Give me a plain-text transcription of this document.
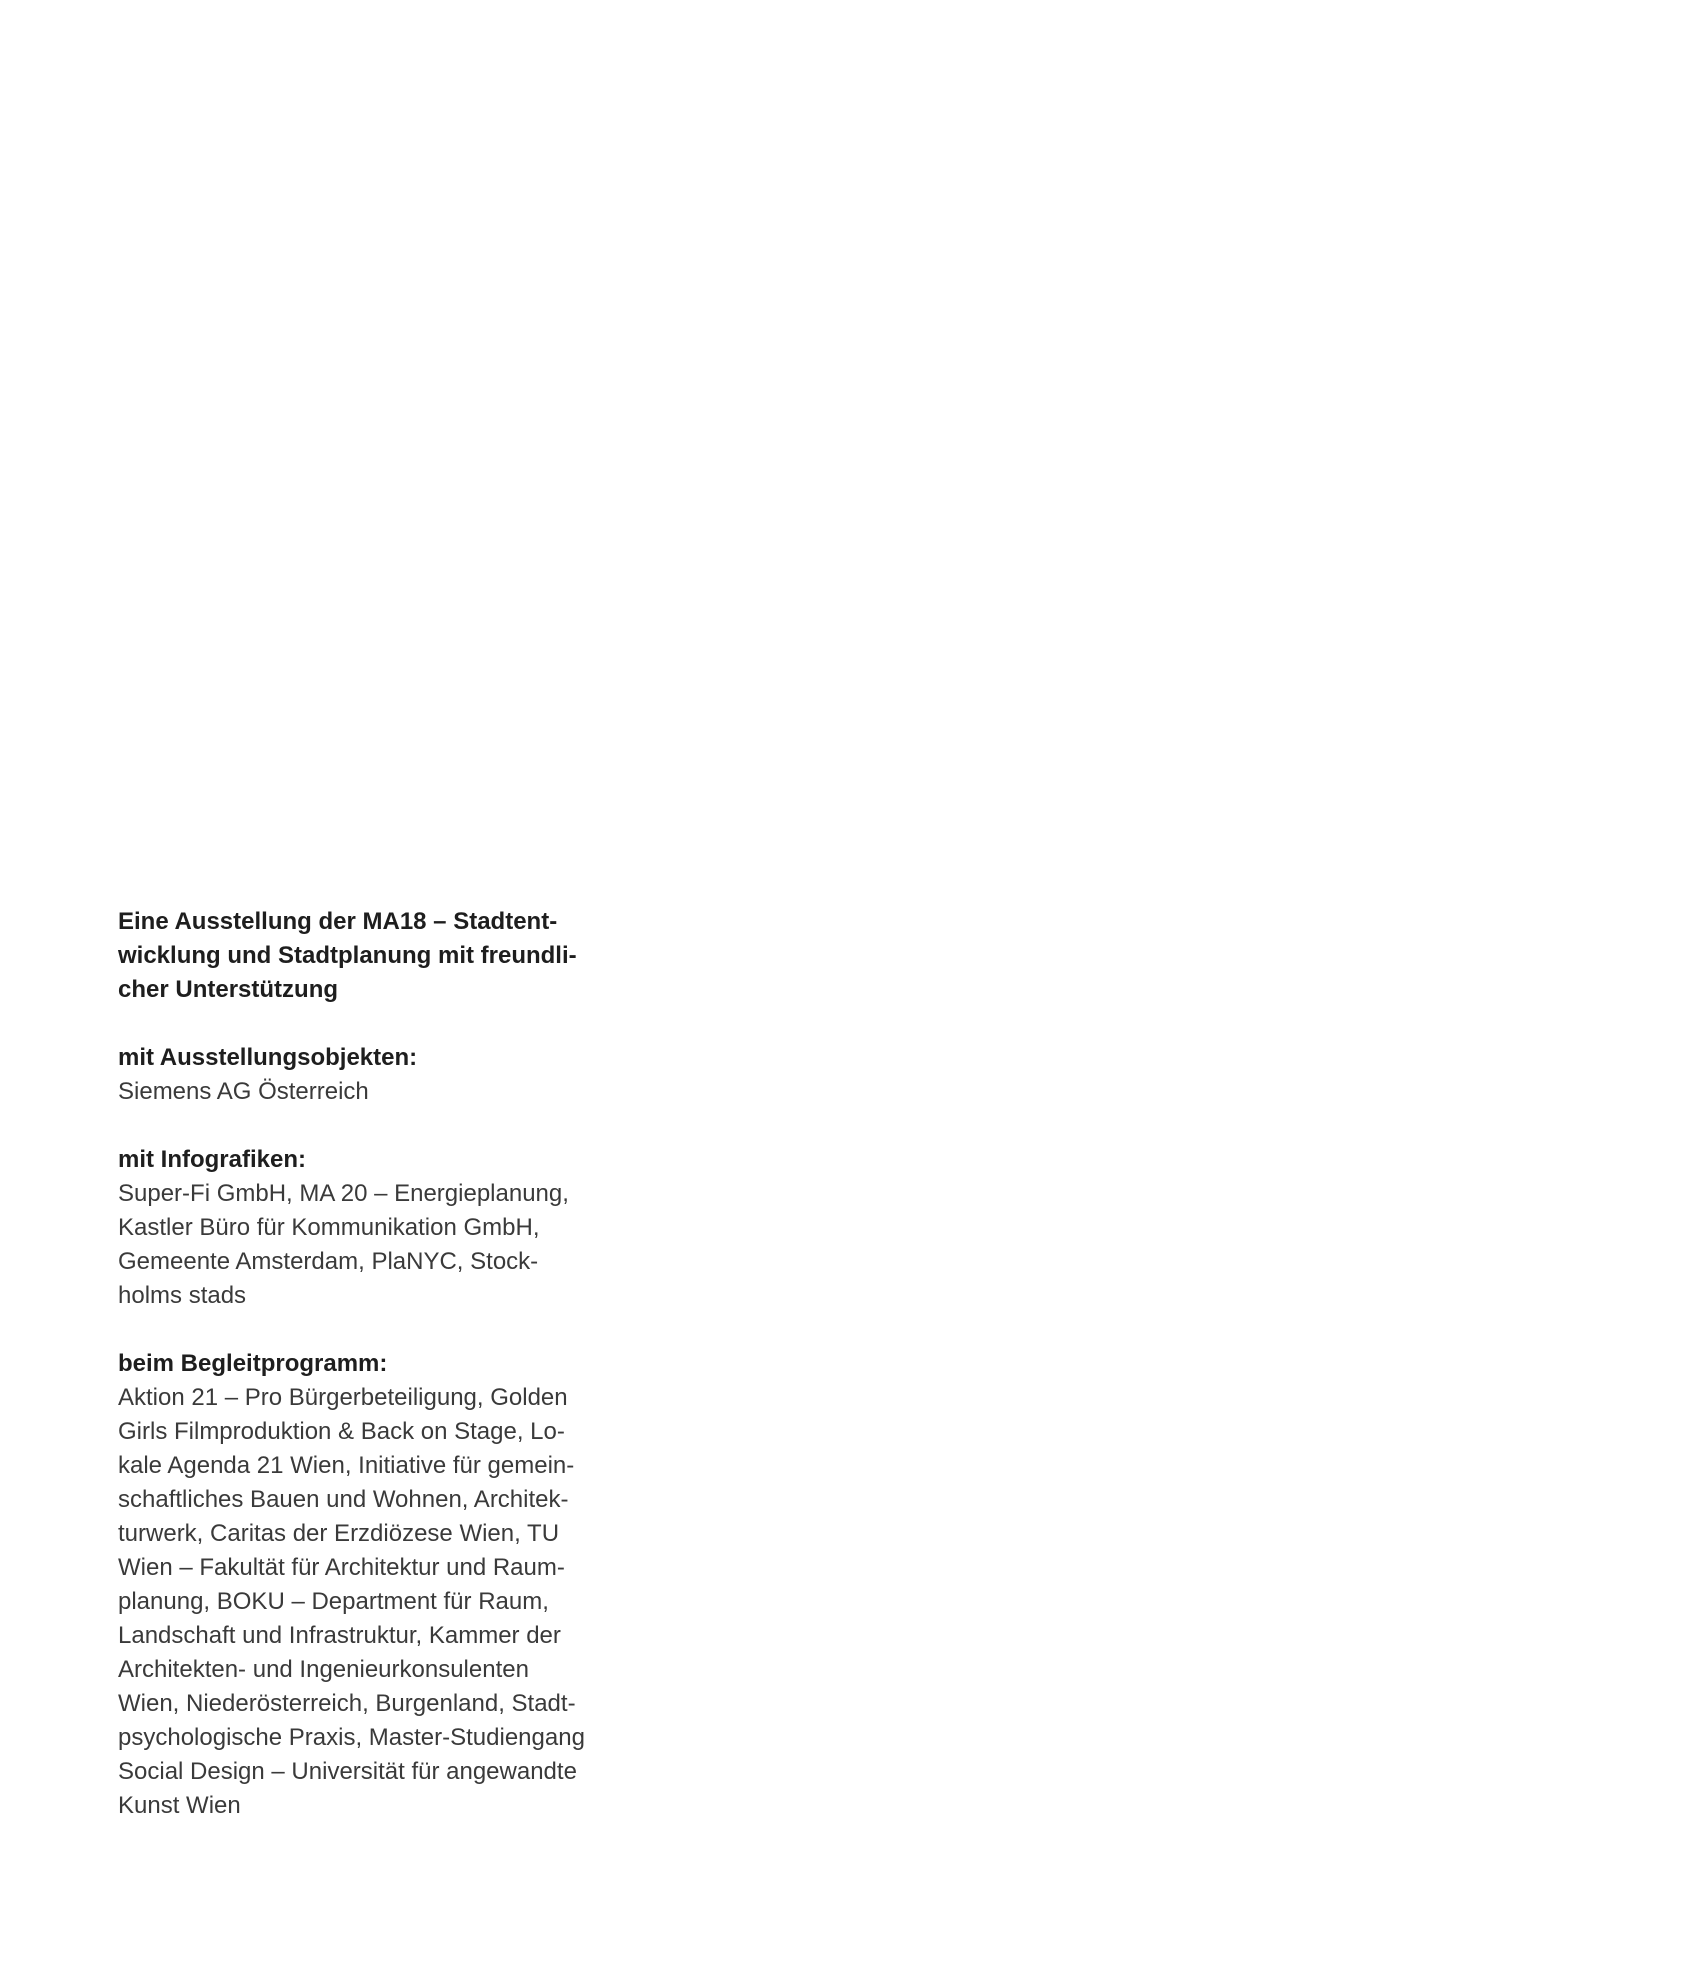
Eine Ausstellung der MA18 – Stadtent-
wicklung und Stadtplanung mit freundli-
cher Unterstützung
mit Ausstellungsobjekten:
Siemens AG Österreich
mit Infografiken:
Super-Fi GmbH, MA 20 – Energieplanung,
Kastler Büro für Kommunikation GmbH,
Gemeente Amsterdam, PlaNYC, Stock-
holms stads
beim Begleitprogramm:
Aktion 21 – Pro Bürgerbeteiligung, Golden
Girls Filmproduktion & Back on Stage, Lo-
kale Agenda 21 Wien, Initiative für gemein-
schaftliches Bauen und Wohnen, Architek-
turwerk, Caritas der Erzdiözese Wien, TU
Wien – Fakultät für Architektur und Raum-
planung, BOKU – Department für Raum,
Landschaft und Infrastruktur, Kammer der
Architekten- und Ingenieurkonsulenten
Wien, Niederösterreich, Burgenland, Stadt-
psychologische Praxis, Master-Studiengang
Social Design – Universität für angewandte
Kunst Wien
